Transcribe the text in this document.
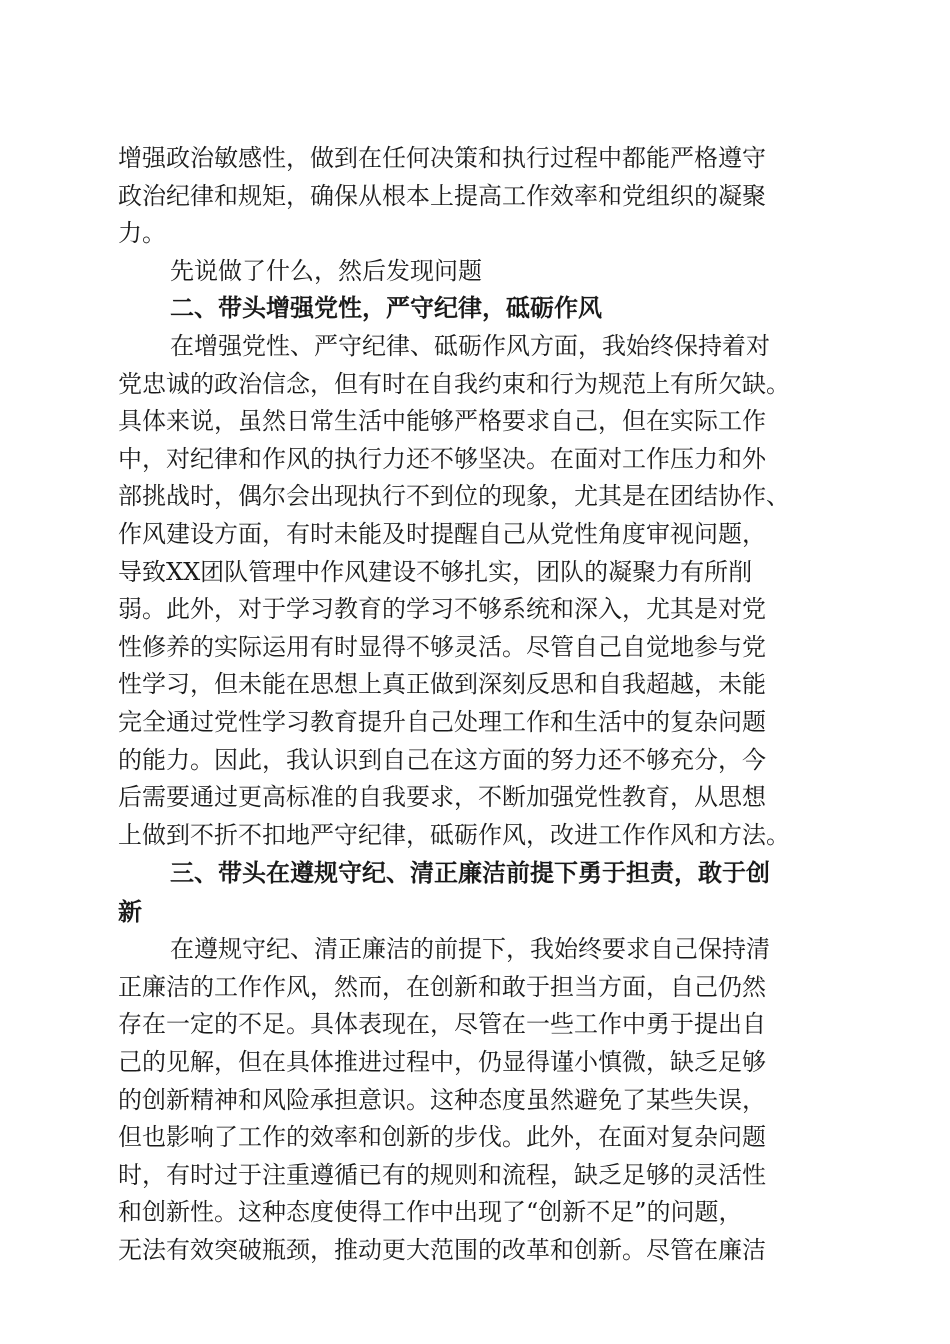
增强政治敏感性，做到在任何决策和执行过程中都能严格遵守
政治纪律和规矩，确保从根本上提高工作效率和党组织的凝聚
力。
先说做了什么，然后发现问题
二、带头增强党性，严守纪律，砥砺作风
在增强党性、严守纪律、砥砺作风方面，我始终保持着对
党忠诚的政治信念，但有时在自我约束和行为规范上有所欠缺。
具体来说，虽然日常生活中能够严格要求自己，但在实际工作
中，对纪律和作风的执行力还不够坚决。在面对工作压力和外
部挑战时，偶尔会出现执行不到位的现象，尤其是在团结协作、
作风建设方面，有时未能及时提醒自己从党性角度审视问题，
导致XX团队管理中作风建设不够扎实，团队的凝聚力有所削
弱。此外，对于学习教育的学习不够系统和深入，尤其是对党
性修养的实际运用有时显得不够灵活。尽管自己自觉地参与党
性学习，但未能在思想上真正做到深刻反思和自我超越，未能
完全通过党性学习教育提升自己处理工作和生活中的复杂问题
的能力。因此，我认识到自己在这方面的努力还不够充分，今
后需要通过更高标准的自我要求，不断加强党性教育，从思想
上做到不折不扣地严守纪律，砥砺作风，改进工作作风和方法。
三、带头在遵规守纪、清正廉洁前提下勇于担责，敢于创
新
在遵规守纪、清正廉洁的前提下，我始终要求自己保持清
正廉洁的工作作风，然而，在创新和敢于担当方面，自己仍然
存在一定的不足。具体表现在，尽管在一些工作中勇于提出自
己的见解，但在具体推进过程中，仍显得谨小慎微，缺乏足够
的创新精神和风险承担意识。这种态度虽然避免了某些失误，
但也影响了工作的效率和创新的步伐。此外，在面对复杂问题
时，有时过于注重遵循已有的规则和流程，缺乏足够的灵活性
和创新性。这种态度使得工作中出现了“创新不足”的问题，
无法有效突破瓶颈，推动更大范围的改革和创新。尽管在廉洁
